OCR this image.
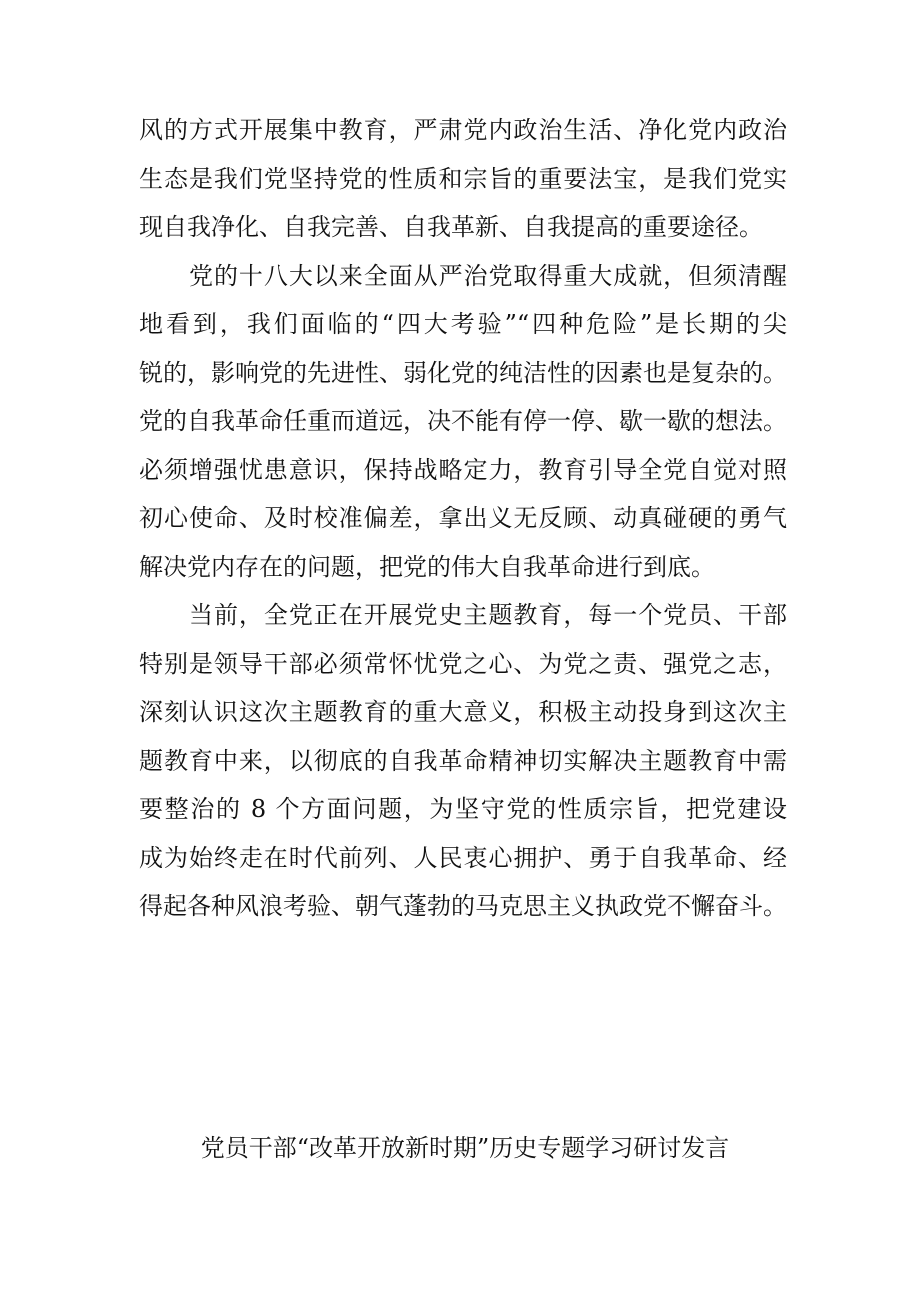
风的方式开展集中教育，严肃党内政治生活、净化党内政治
生态是我们党坚持党的性质和宗旨的重要法宝，是我们党实
现自我净化、自我完善、自我革新、自我提高的重要途径。
党的十八大以来全面从严治党取得重大成就，但须清醒
地看到，我们面临的“四大考验”“四种危险”是长期的尖
锐的，影响党的先进性、弱化党的纯洁性的因素也是复杂的。
党的自我革命任重而道远，决不能有停一停、歇一歇的想法。
必须增强忧患意识，保持战略定力，教育引导全党自觉对照
初心使命、及时校准偏差，拿出义无反顾、动真碰硬的勇气
解决党内存在的问题，把党的伟大自我革命进行到底。
当前，全党正在开展党史主题教育，每一个党员、干部
特别是领导干部必须常怀忧党之心、为党之责、强党之志，
深刻认识这次主题教育的重大意义，积极主动投身到这次主
题教育中来，以彻底的自我革命精神切实解决主题教育中需
要整治的 8 个方面问题，为坚守党的性质宗旨，把党建设
成为始终走在时代前列、人民衷心拥护、勇于自我革命、经
得起各种风浪考验、朝气蓬勃的马克思主义执政党不懈奋斗。
党员干部“改革开放新时期”历史专题学习研讨发言
